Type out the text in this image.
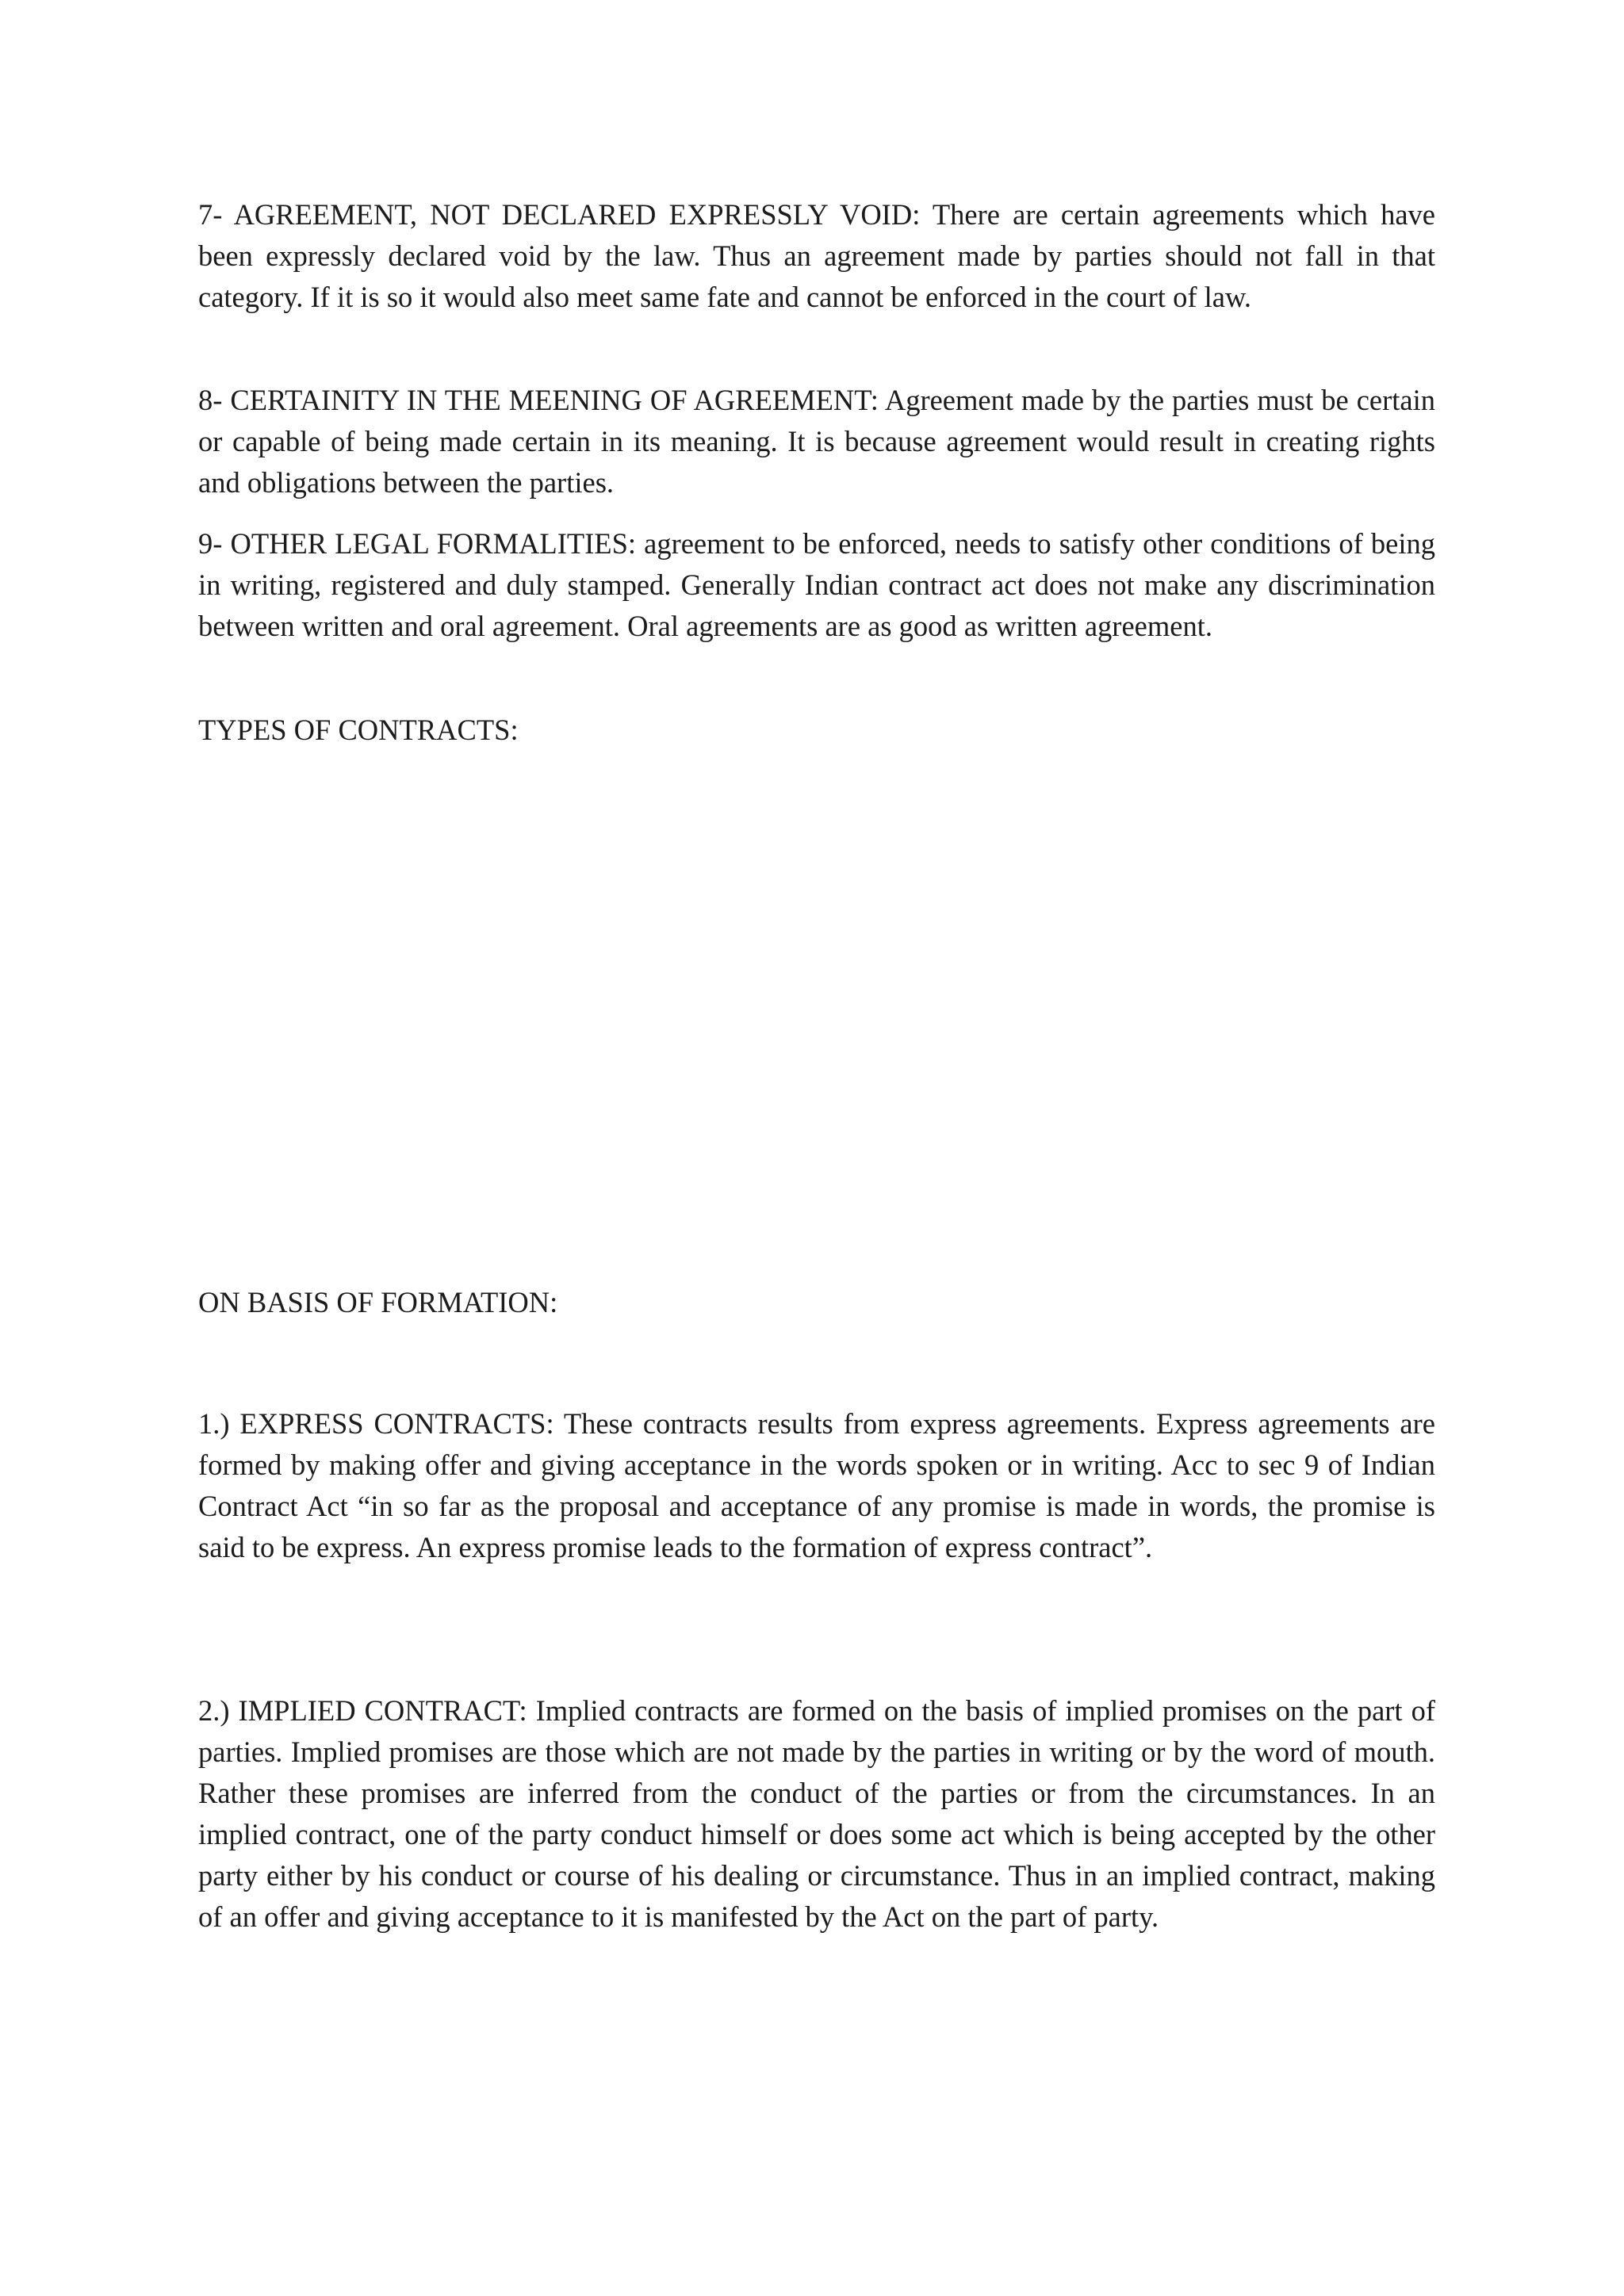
7- AGREEMENT, NOT DECLARED EXPRESSLY VOID: There are certain agreements which have been expressly declared void by the law. Thus an agreement made by parties should not fall in that category. If it is so it would also meet same fate and cannot be enforced in the court of law.

8- CERTAINITY IN THE MEENING OF AGREEMENT: Agreement made by the parties must be certain or capable of being made certain in its meaning. It is because agreement would result in creating rights and obligations between the parties.

9- OTHER LEGAL FORMALITIES: agreement to be enforced, needs to satisfy other conditions of being in writing, registered and duly stamped. Generally Indian contract act does not make any discrimination between written and oral agreement. Oral agreements are as good as written agreement.

TYPES OF CONTRACTS:

ON BASIS OF FORMATION:

1.) EXPRESS CONTRACTS: These contracts results from express agreements. Express agreements are formed by making offer and giving acceptance in the words spoken or in writing. Acc to sec 9 of Indian Contract Act “in so far as the proposal and acceptance of any promise is made in words, the promise is said to be express. An express promise leads to the formation of express contract”.

2.) IMPLIED CONTRACT: Implied contracts are formed on the basis of implied promises on the part of parties. Implied promises are those which are not made by the parties in writing or by the word of mouth. Rather these promises are inferred from the conduct of the parties or from the circumstances. In an implied contract, one of the party conduct himself or does some act which is being accepted by the other party either by his conduct or course of his dealing or circumstance. Thus in an implied contract, making of an offer and giving acceptance to it is manifested by the Act on the part of party.
